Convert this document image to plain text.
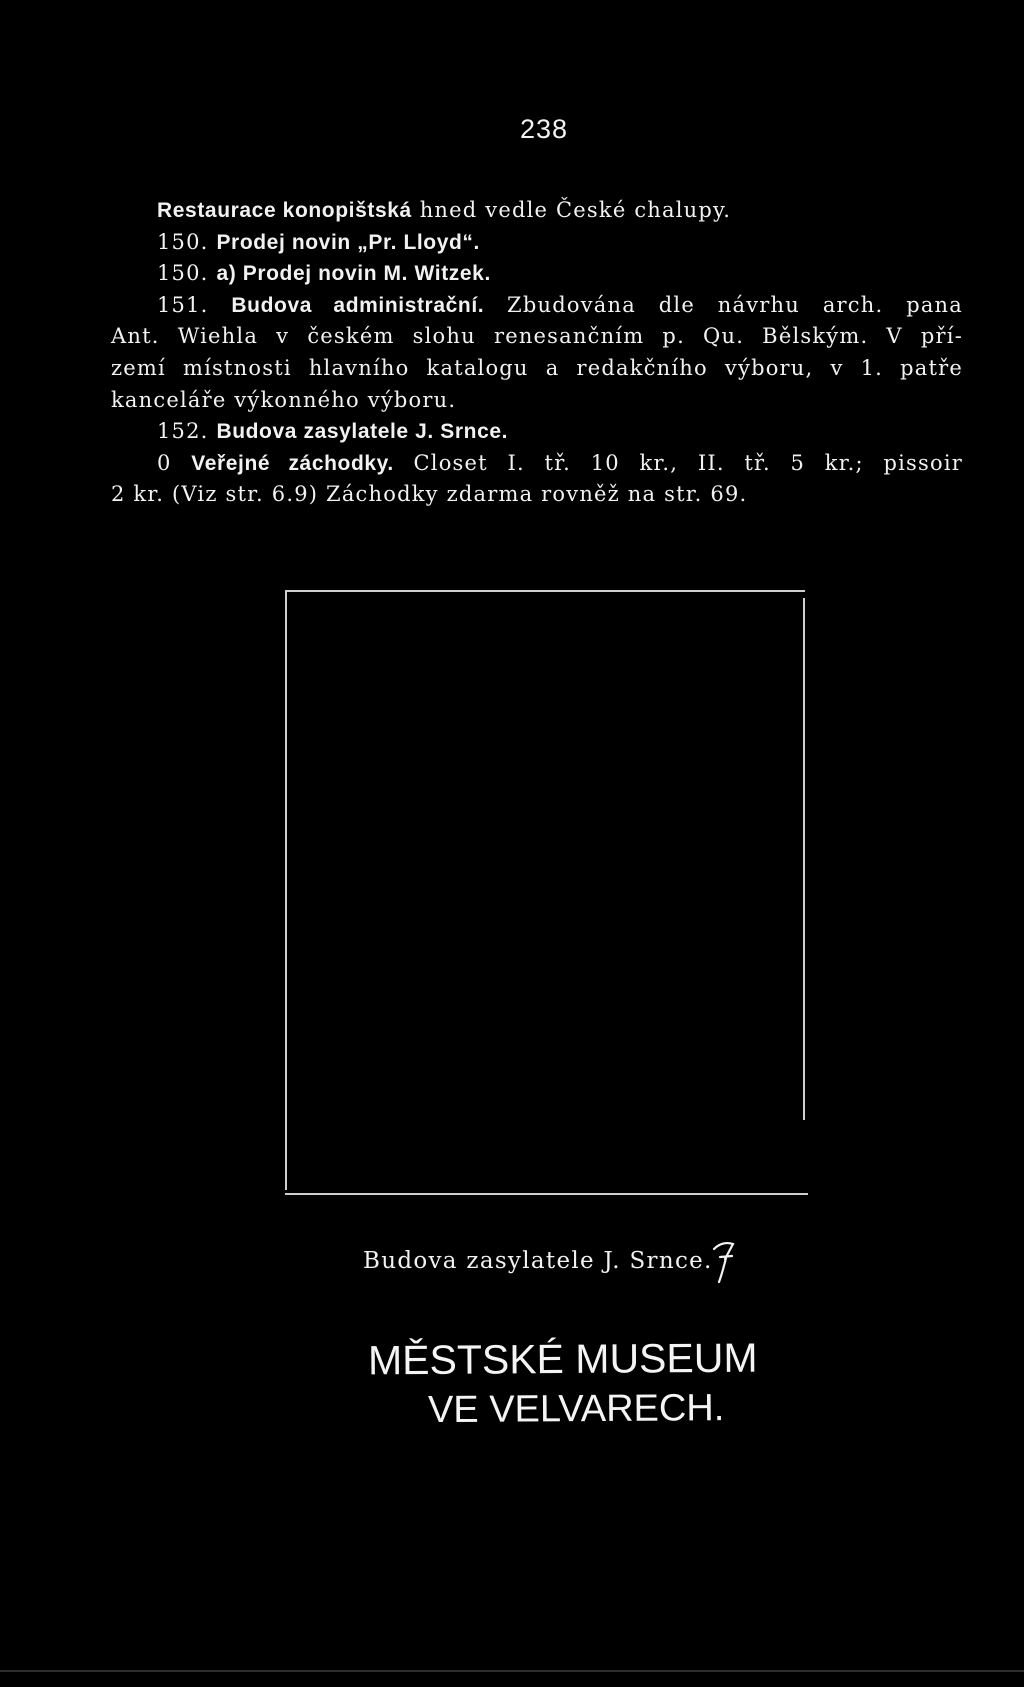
238
Restaurace konopištská hned vedle České chalupy.
150. Prodej novin „Pr. Lloyd“.
150. a) Prodej novin M. Witzek.
151. Budova administrační. Zbudována dle návrhu arch. pana
Ant. Wiehla v českém slohu renesančním p. Qu. Bělským. V pří-
zemí místnosti hlavního katalogu a redakčního výboru, v 1. patře
kanceláře výkonného výboru.
152. Budova zasylatele J. Srnce.
0 Veřejné záchodky. Closet I. tř. 10 kr., II. tř. 5 kr.; pissoir
2 kr. (Viz str. 6.9) Záchodky zdarma rovněž na str. 69.
Budova zasylatele J. Srnce.
MĚSTSKÉ MUSEUM
VE VELVARECH.
